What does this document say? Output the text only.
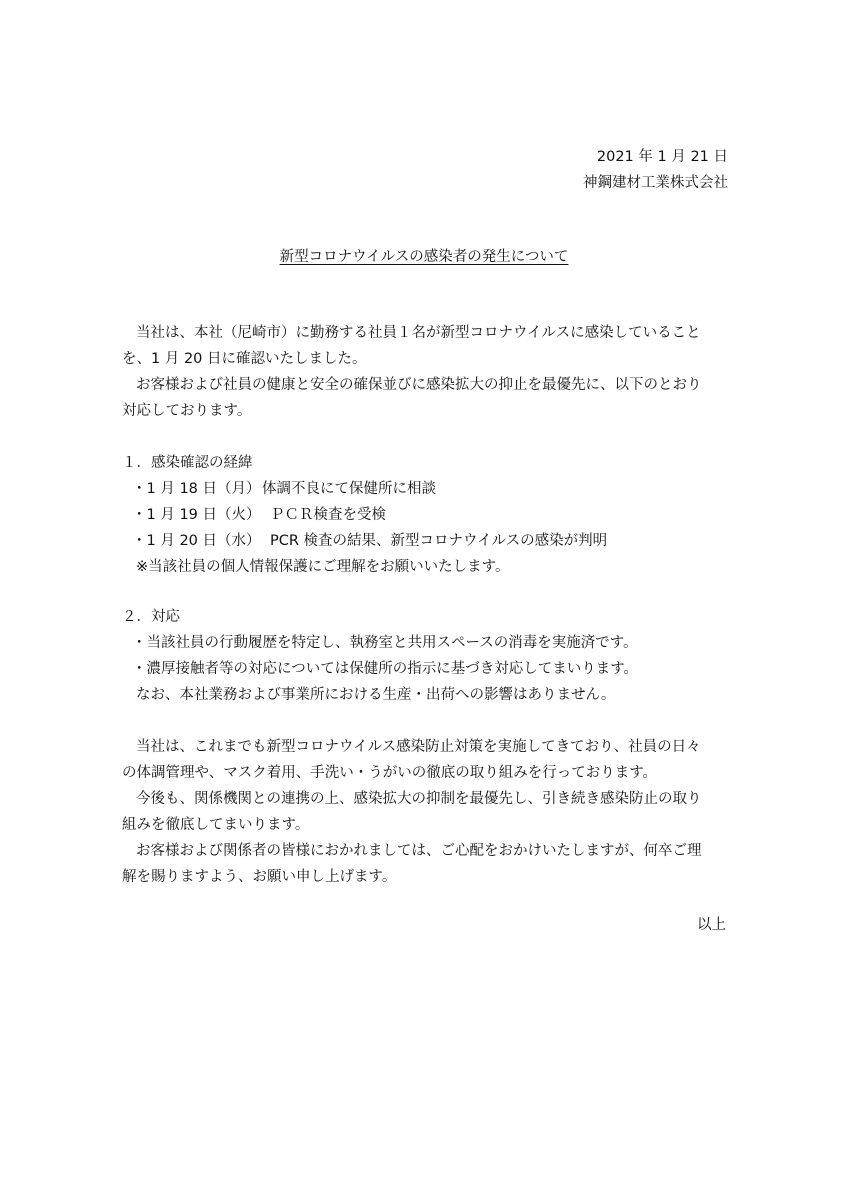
2021 年 1 月 21 日
神鋼建材工業株式会社
新型コロナウイルスの感染者の発生について
当社は、本社（尼崎市）に勤務する社員１名が新型コロナウイルスに感染していること
を、1 月 20 日に確認いたしました。
お客様および社員の健康と安全の確保並びに感染拡大の抑止を最優先に、以下のとおり
対応しております。
１．感染確認の経緯
・1 月 18 日（月） 体調不良にて保健所に相談
・1 月 19 日（火） ＰＣＲ検査を受検
・1 月 20 日（水） PCR 検査の結果、新型コロナウイルスの感染が判明
※当該社員の個人情報保護にご理解をお願いいたします。
２．対応
・当該社員の行動履歴を特定し、執務室と共用スペースの消毒を実施済です。
・濃厚接触者等の対応については保健所の指示に基づき対応してまいります。
なお、本社業務および事業所における生産・出荷への影響はありません。
当社は、これまでも新型コロナウイルス感染防止対策を実施してきており、社員の日々
の体調管理や、マスク着用、手洗い・うがいの徹底の取り組みを行っております。
今後も、関係機関との連携の上、感染拡大の抑制を最優先し、引き続き感染防止の取り
組みを徹底してまいります。
お客様および関係者の皆様におかれましては、ご心配をおかけいたしますが、何卒ご理
解を賜りますよう、お願い申し上げます。
以上
